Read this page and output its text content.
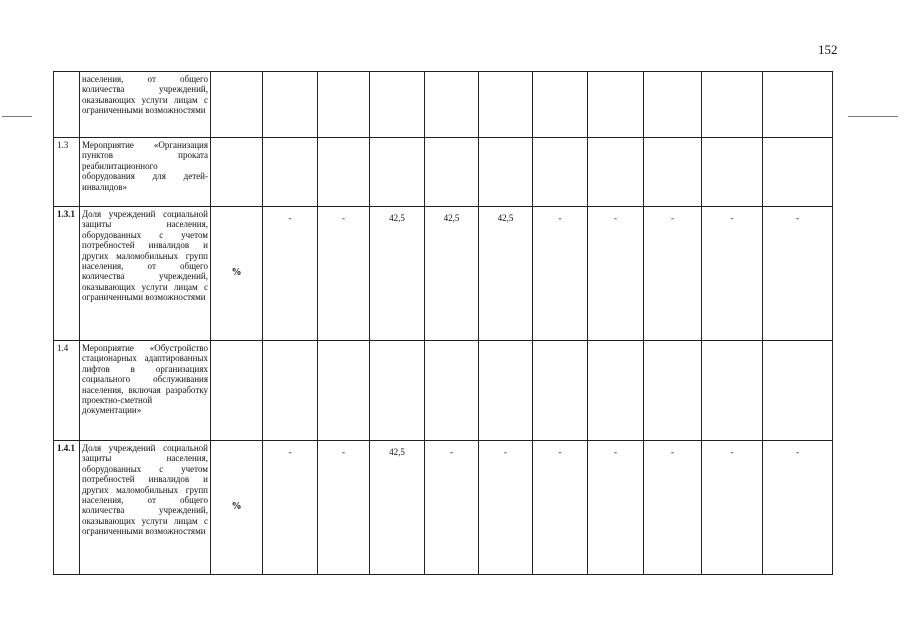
152
	населения, от общего количества учреждений, оказывающих услуги лицам с ограниченными возможностями											
1.3	Мероприятие «Организация пунктов проката реабилитационного оборудования для детей-инвалидов»											
1.3.1	Доля учреждений социальной защиты населения, оборудованных с учетом потребностей инвалидов и других маломобильных групп населения, от общего количества учреждений, оказывающих услуги лицам с ограниченными возможностями	%	-	-	42,5	42,5	42,5	-	-	-	-	-
1.4	Мероприятие «Обустройство стационарных адаптированных лифтов в организациях социального обслуживания населения, включая разработку проектно-сметной документации»											
1.4.1	Доля учреждений социальной защиты населения, оборудованных с учетом потребностей инвалидов и других маломобильных групп населения, от общего количества учреждений, оказывающих услуги лицам с ограниченными возможностями	%	-	-	42,5	-	-	-	-	-	-	-
